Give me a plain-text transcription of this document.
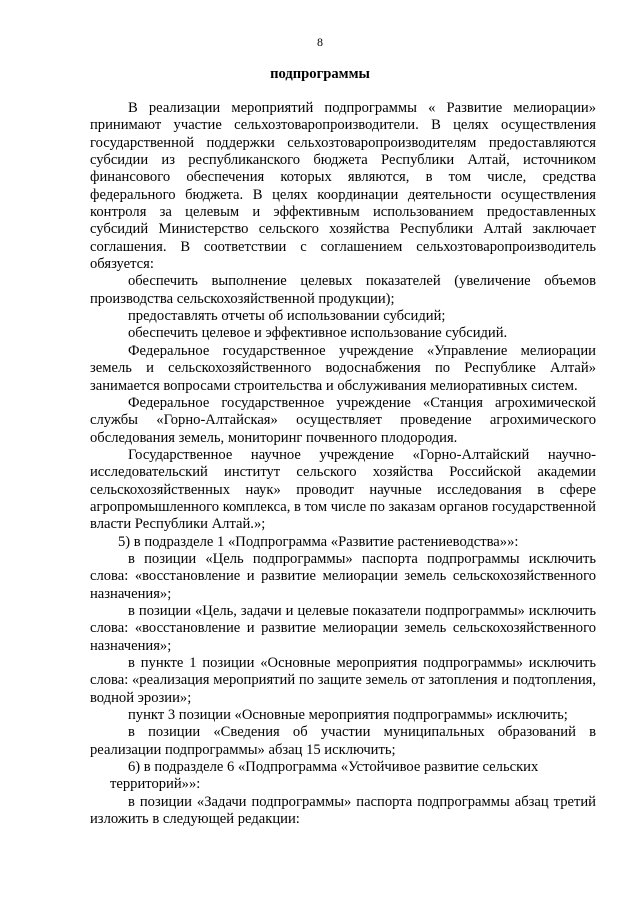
8
подпрограммы

В реализации мероприятий подпрограммы « Развитие мелиорации» принимают участие сельхозтоваропроизводители. В целях осуществления государственной поддержки сельхозтоваропроизводителям предоставляются субсидии из республиканского бюджета Республики Алтай, источником финансового обеспечения которых являются, в том числе, средства федерального бюджета. В целях координации деятельности осуществления контроля за целевым и эффективным использованием предоставленных субсидий Министерство сельского хозяйства Республики Алтай заключает соглашения. В соответствии с соглашением сельхозтоваропроизводитель обязуется:

обеспечить выполнение целевых показателей (увеличение объемов производства сельскохозяйственной продукции);

предоставлять отчеты об использовании субсидий;

обеспечить целевое и эффективное использование субсидий.

Федеральное государственное учреждение «Управление мелиорации земель и сельскохозяйственного водоснабжения по Республике Алтай» занимается вопросами строительства и обслуживания мелиоративных систем.

Федеральное государственное учреждение «Станция агрохимической службы «Горно-Алтайская» осуществляет проведение агрохимического обследования земель, мониторинг почвенного плодородия.

Государственное научное учреждение «Горно-Алтайский научно-исследовательский институт сельского хозяйства Российской академии сельскохозяйственных наук» проводит научные исследования в сфере агропромышленного комплекса, в том числе по заказам органов государственной власти Республики Алтай.»;

5) в подразделе 1 «Подпрограмма «Развитие растениеводства»»:

в позиции «Цель подпрограммы» паспорта подпрограммы исключить слова: «восстановление и развитие мелиорации земель сельскохозяйственного назначения»;

в позиции «Цель, задачи и целевые показатели подпрограммы» исключить слова: «восстановление и развитие мелиорации земель сельскохозяйственного назначения»;

в пункте 1 позиции «Основные мероприятия подпрограммы» исключить слова: «реализация мероприятий по защите земель от затопления и подтопления, водной эрозии»;

пункт 3 позиции «Основные мероприятия подпрограммы» исключить;

в позиции «Сведения об участии муниципальных образований в реализации подпрограммы» абзац 15 исключить;

6) в подразделе 6 «Подпрограмма «Устойчивое развитие сельских

территорий»»:

в позиции «Задачи подпрограммы» паспорта подпрограммы абзац третий изложить в следующей редакции:
